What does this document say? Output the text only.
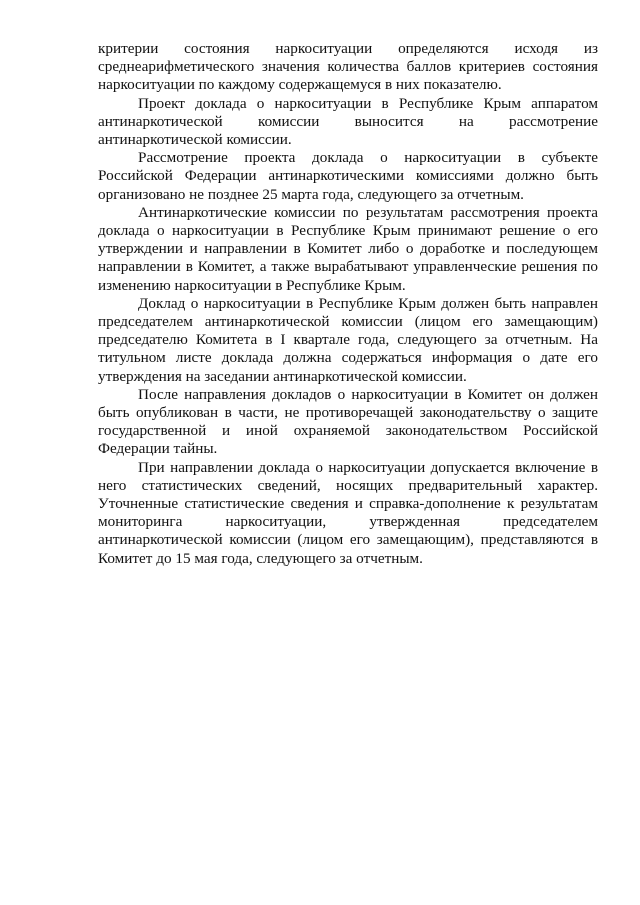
критерии состояния наркоситуации определяются исходя из среднеарифметического значения количества баллов критериев состояния наркоситуации по каждому содержащемуся в них показателю.

Проект доклада о наркоситуации в Республике Крым аппаратом антинаркотической комиссии выносится на рассмотрение антинаркотической комиссии.

Рассмотрение проекта доклада о наркоситуации в субъекте Российской Федерации антинаркотическими комиссиями должно быть организовано не позднее 25 марта года, следующего за отчетным.

Антинаркотические комиссии по результатам рассмотрения проекта доклада о наркоситуации в Республике Крым принимают решение о его утверждении и направлении в Комитет либо о доработке и последующем направлении в Комитет, а также вырабатывают управленческие решения по изменению наркоситуации в Республике Крым.

Доклад о наркоситуации в Республике Крым должен быть направлен председателем антинаркотической комиссии (лицом его замещающим) председателю Комитета в I квартале года, следующего за отчетным. На титульном листе доклада должна содержаться информация о дате его утверждения на заседании антинаркотической комиссии.

После направления докладов о наркоситуации в Комитет он должен быть опубликован в части, не противоречащей законодательству о защите государственной и иной охраняемой законодательством Российской Федерации тайны.

При направлении доклада о наркоситуации допускается включение в него статистических сведений, носящих предварительный характер. Уточненные статистические сведения и справка-дополнение к результатам мониторинга наркоситуации, утвержденная председателем антинаркотической комиссии (лицом его замещающим), представляются в Комитет до 15 мая года, следующего за отчетным.
